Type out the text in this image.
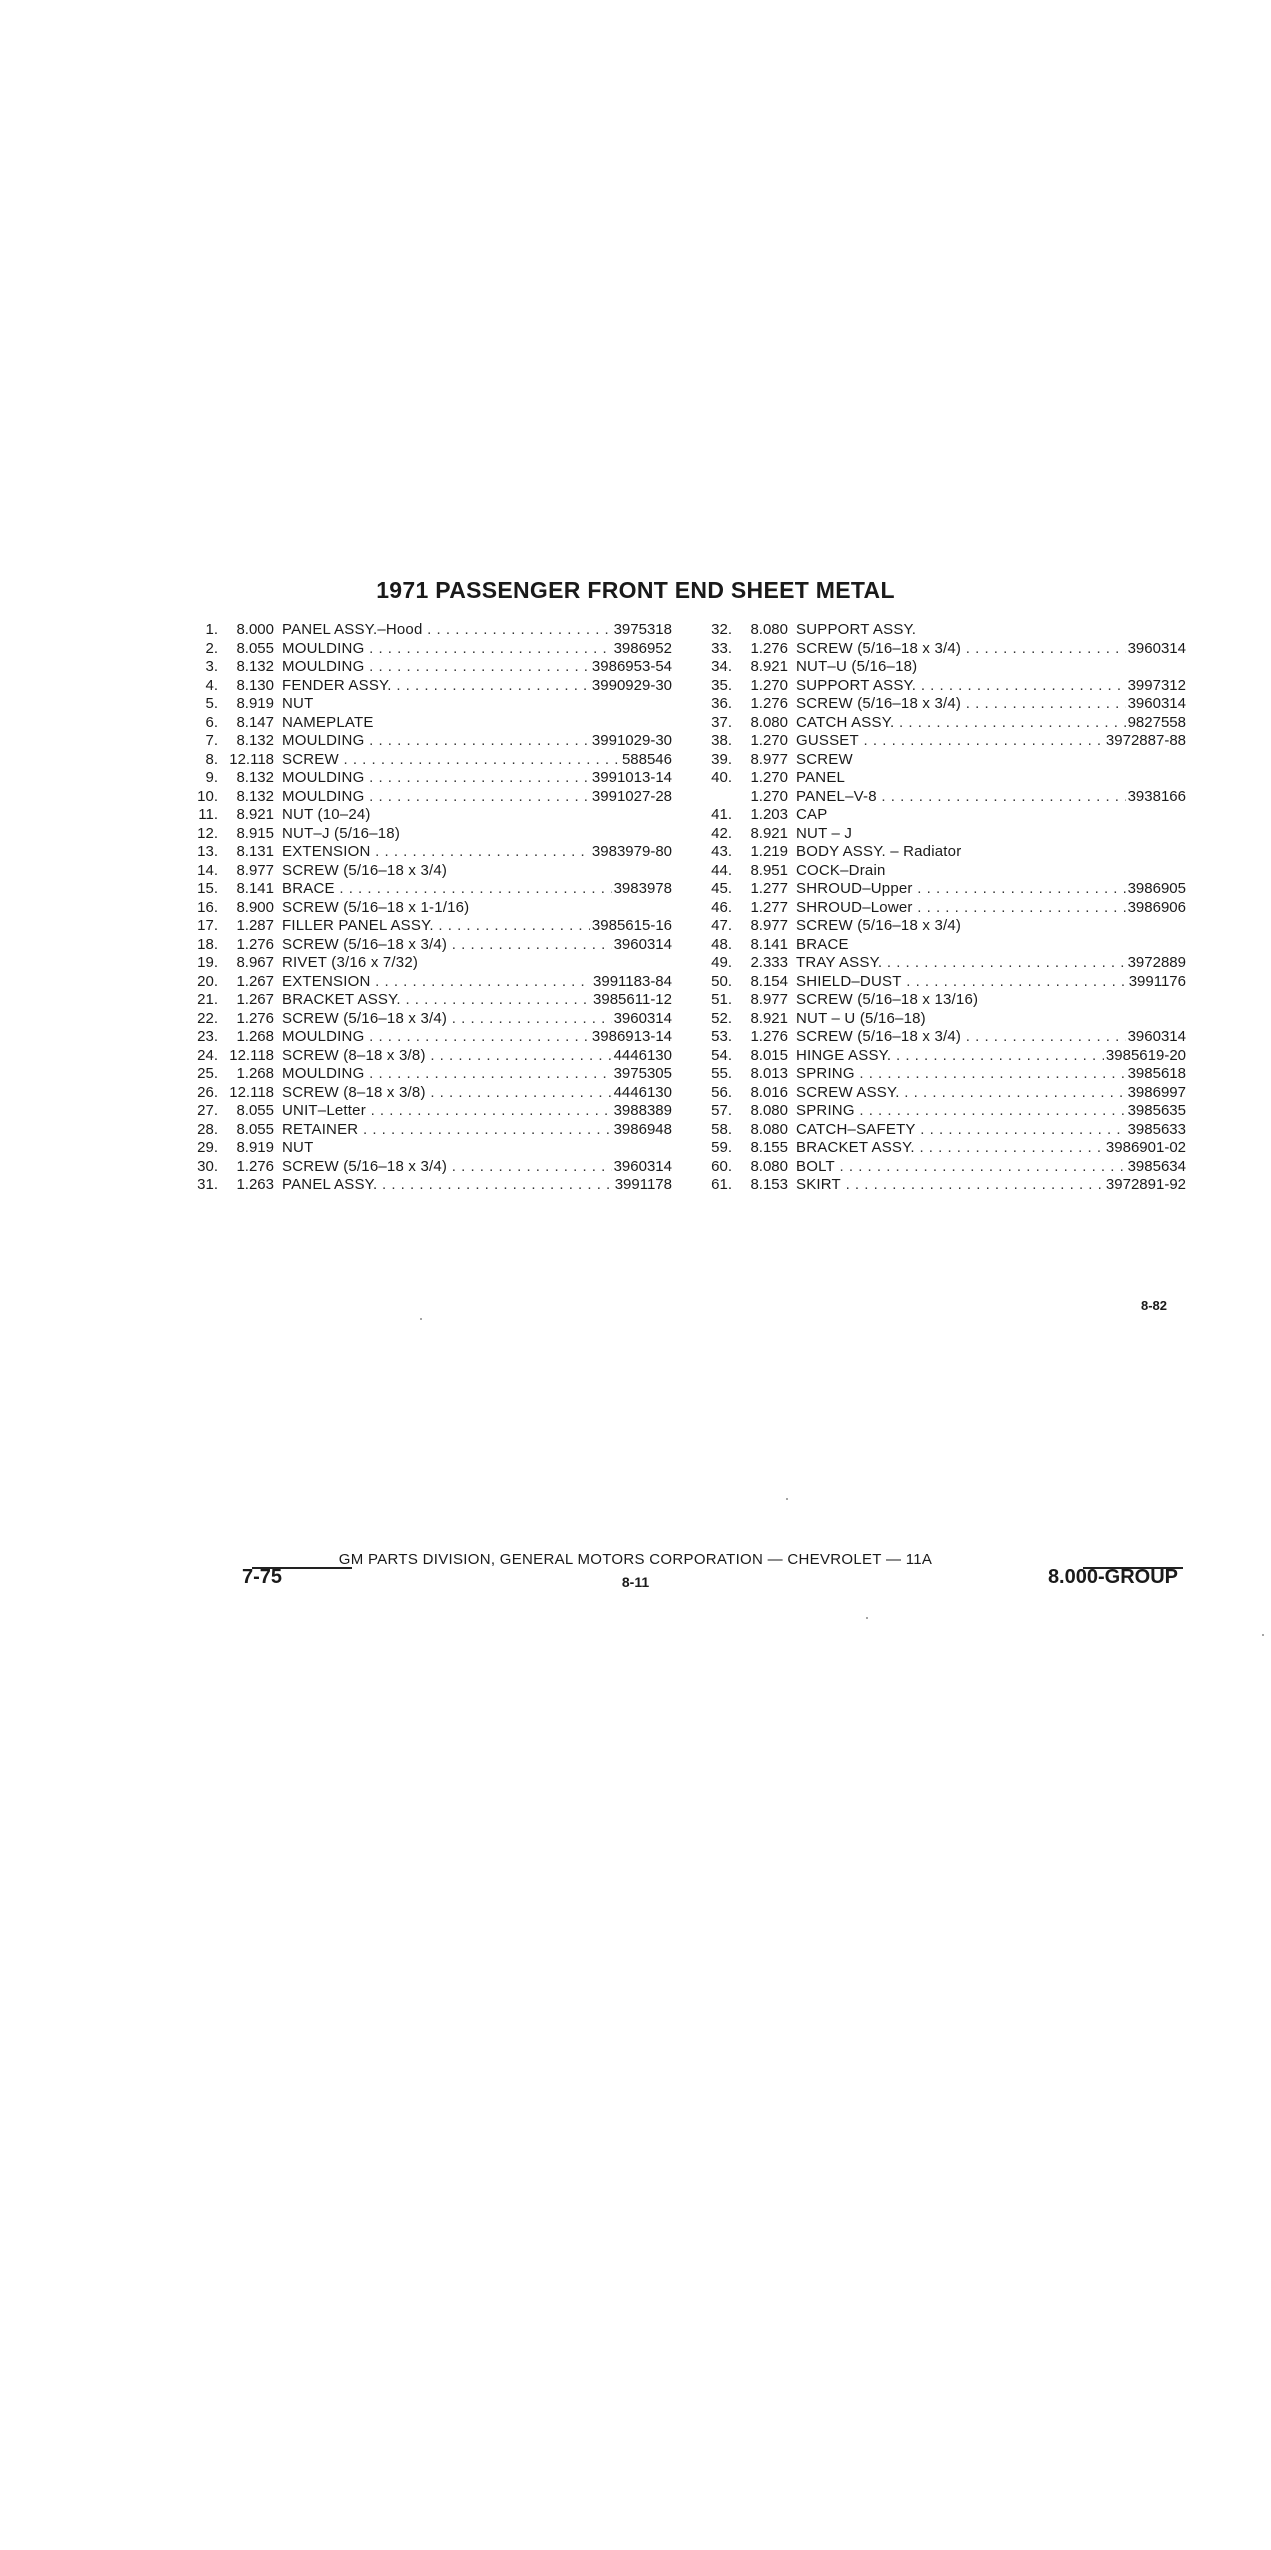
1971 PASSENGER FRONT END SHEET METAL
1.	8.000 PANEL ASSY.–Hood . . .	3975318
2.	8.055 MOULDING . . .	3986952
3.	8.132 MOULDING . . .	3986953-54
4.	8.130 FENDER ASSY. . . .	3990929-30
5.	8.919 NUT
6.	8.147 NAMEPLATE
7.	8.132 MOULDING . . .	3991029-30
8. 12.118 SCREW . . .	588546
9.	8.132 MOULDING . . .	3991013-14
10.	8.132 MOULDING . . .	3991027-28
11.	8.921 NUT (10–24)
12.	8.915 NUT–J (5/16–18)
13.	8.131 EXTENSION . . .	3983979-80
14.	8.977 SCREW (5/16–18 x 3/4)
15.	8.141 BRACE . . .	3983978
16.	8.900 SCREW (5/16–18 x 1-1/16)
17.	1.287 FILLER PANEL ASSY. . . .	3985615-16
18.	1.276 SCREW (5/16–18 x 3/4) . . .	3960314
19.	8.967 RIVET (3/16 x 7/32)
20.	1.267 EXTENSION . . .	3991183-84
21.	1.267 BRACKET ASSY. . . .	3985611-12
22.	1.276 SCREW (5/16–18 x 3/4) . . .	3960314
23.	1.268 MOULDING . . .	3986913-14
24. 12.118 SCREW (8–18 x 3/8) . . .	4446130
25.	1.268 MOULDING . . .	3975305
26. 12.118 SCREW (8–18 x 3/8) . . .	4446130
27.	8.055 UNIT–Letter . . .	3988389
28.	8.055 RETAINER . . .	3986948
29.	8.919 NUT
30.	1.276 SCREW (5/16–18 x 3/4) . . .	3960314
31.	1.263 PANEL ASSY. . . .	3991178
32.	8.080 SUPPORT ASSY.
33.	1.276 SCREW (5/16–18 x 3/4) . . .	3960314
34.	8.921 NUT–U (5/16–18)
35.	1.270 SUPPORT ASSY. . . .	3997312
36.	1.276 SCREW (5/16–18 x 3/4) . . .	3960314
37.	8.080 CATCH ASSY. . . .	9827558
38.	1.270 GUSSET . . .	3972887-88
39.	8.977 SCREW
40.	1.270 PANEL
1.270 PANEL–V-8 . . .	3938166
41.	1.203 CAP
42.	8.921 NUT – J
43.	1.219 BODY ASSY. – Radiator
44.	8.951 COCK–Drain
45.	1.277 SHROUD–Upper . . .	3986905
46.	1.277 SHROUD–Lower . . .	3986906
47.	8.977 SCREW (5/16–18 x 3/4)
48.	8.141 BRACE
49.	2.333 TRAY ASSY. . . .	3972889
50.	8.154 SHIELD–DUST . . .	3991176
51.	8.977 SCREW (5/16–18 x 13/16)
52.	8.921 NUT – U (5/16–18)
53.	1.276 SCREW (5/16–18 x 3/4) . . .	3960314
54.	8.015 HINGE ASSY. . . .	3985619-20
55.	8.013 SPRING . . .	3985618
56.	8.016 SCREW ASSY. . . .	3986997
57.	8.080 SPRING . . .	3985635
58.	8.080 CATCH–SAFETY . . .	3985633
59.	8.155 BRACKET ASSY. . . .	3986901-02
60.	8.080 BOLT . . .	3985634
61.	8.153 SKIRT . . .	3972891-92
8-82
GM PARTS DIVISION, GENERAL MOTORS CORPORATION — CHEVROLET — 11A
7-75	8-11	8.000-GROUP
